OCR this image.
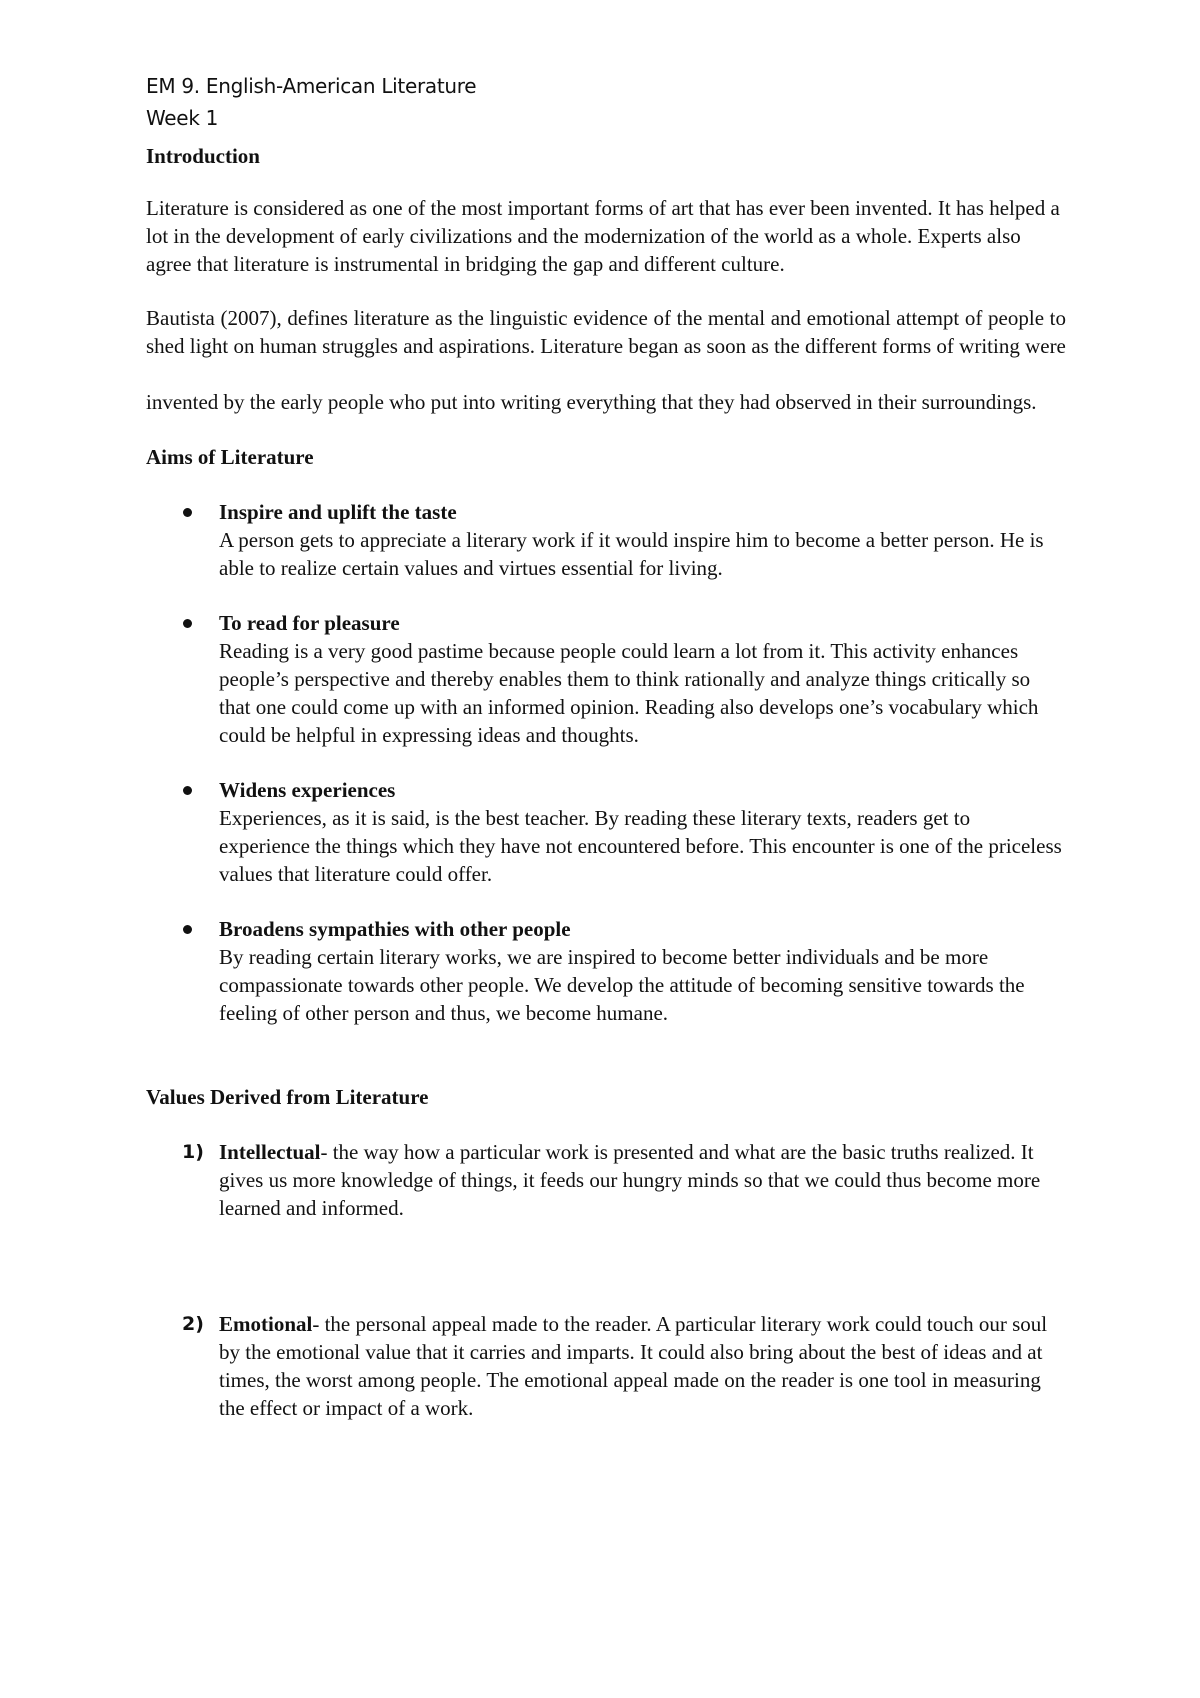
EM 9. English-American Literature

Week 1

Introduction

Literature is considered as one of the most important forms of art that has ever been invented. It has helped a lot in the development of early civilizations and the modernization of the world as a whole. Experts also agree that literature is instrumental in bridging the gap and different culture.

Bautista (2007), defines literature as the linguistic evidence of the mental and emotional attempt of people to shed light on human struggles and aspirations. Literature began as soon as the different forms of writing were

invented by the early people who put into writing everything that they had observed in their surroundings.

Aims of Literature

Inspire and uplift the taste

A person gets to appreciate a literary work if it would inspire him to become a better person. He is able to realize certain values and virtues essential for living.

To read for pleasure

Reading is a very good pastime because people could learn a lot from it. This activity enhances people’s perspective and thereby enables them to think rationally and analyze things critically so that one could come up with an informed opinion. Reading also develops one’s vocabulary which could be helpful in expressing ideas and thoughts.

Widens experiences

Experiences, as it is said, is the best teacher. By reading these literary texts, readers get to experience the things which they have not encountered before. This encounter is one of the priceless values that literature could offer.

Broadens sympathies with other people

By reading certain literary works, we are inspired to become better individuals and be more compassionate towards other people. We develop the attitude of becoming sensitive towards the feeling of other person and thus, we become humane.

Values Derived from Literature
1) Intellectual- the way how a particular work is presented and what are the basic truths realized. It gives us more knowledge of things, it feeds our hungry minds so that we could thus become more learned and informed.

2) Emotional- the personal appeal made to the reader. A particular literary work could touch our soul by the emotional value that it carries and imparts. It could also bring about the best of ideas and at times, the worst among people. The emotional appeal made on the reader is one tool in measuring the effect or impact of a work.
